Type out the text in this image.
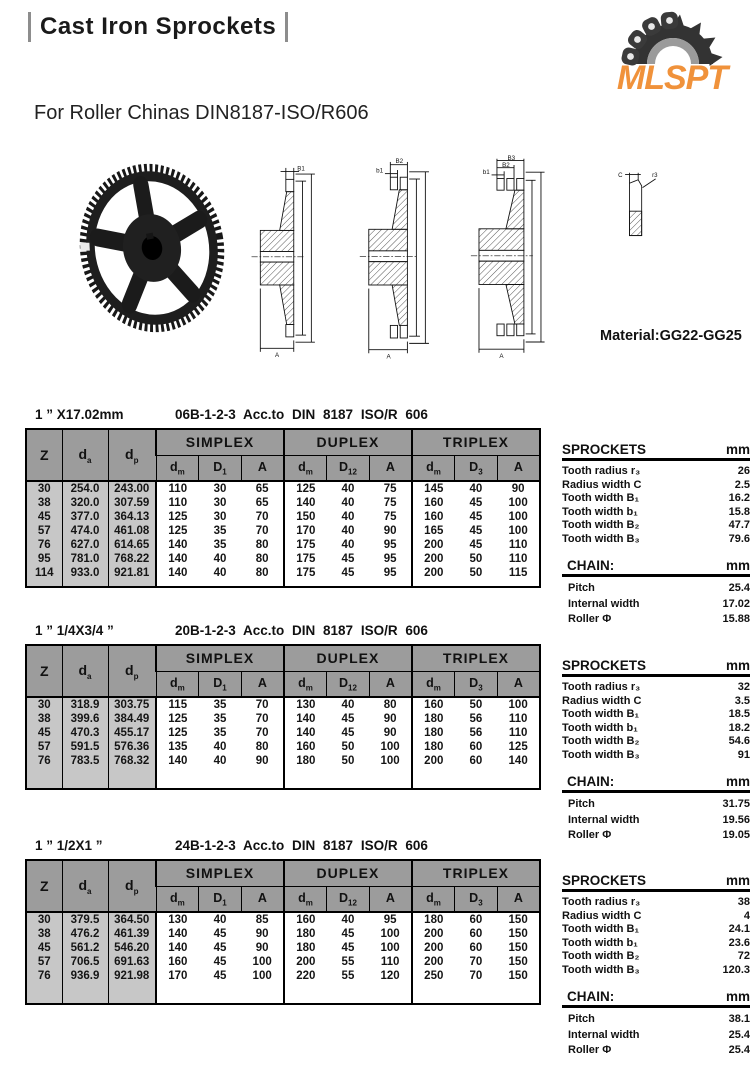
Cast Iron Sprockets
MLSPT
For Roller Chinas DIN8187-ISO/R606
B1
A
b1
B2
A
b1
B2
B3
A
C	r3
Material:GG22-GG25
1 ” X17.02mm	06B-1-2-3 Acc.to DIN 8187 ISO/R 606
Z	$d_a$	$d_p$	SIMPLEX			DUPLEX			TRIPLEX		
			$d_m$	$D_1$	A	$d_m$	$D_{12}$	A	$d_m$	$D_3$	A
30	254.0	243.00	110	30	65	125	40	75	145	40	90
38	320.0	307.59	110	30	65	140	40	75	160	45	100
45	377.0	364.13	125	30	70	150	40	75	160	45	100
57	474.0	461.08	125	35	70	170	40	90	165	45	100
76	627.0	614.65	140	35	80	175	40	95	200	45	110
95	781.0	768.22	140	40	80	175	45	95	200	50	110
114	933.0	921.81	140	40	80	175	45	95	200	50	115

SPROCKETS	mm
Tooth radius r₃	26
Radius width C	2.5
Tooth width B₁	16.2
Tooth width b₁	15.8
Tooth width B₂	47.7
Tooth width B₃	79.6
CHAIN:	mm
Pitch	25.4
Internal width	17.02
Roller Φ	15.88
1 ” 1/4X3/4 ”	20B-1-2-3 Acc.to DIN 8187 ISO/R 606
Z	$d_a$	$d_p$	SIMPLEX			DUPLEX			TRIPLEX		
			$d_m$	$D_1$	A	$d_m$	$D_{12}$	A	$d_m$	$D_3$	A
30	318.9	303.75	115	35	70	130	40	80	160	50	100
38	399.6	384.49	125	35	70	140	45	90	180	56	110
45	470.3	455.17	125	35	70	140	45	90	180	56	110
57	591.5	576.36	135	40	80	160	50	100	180	60	125
76	783.5	768.32	140	40	90	180	50	100	200	60	140

SPROCKETS	mm
Tooth radius r₃	32
Radius width C	3.5
Tooth width B₁	18.5
Tooth width b₁	18.2
Tooth width B₂	54.6
Tooth width B₃	91
CHAIN:	mm
Pitch	31.75
Internal width	19.56
Roller Φ	19.05
1 ” 1/2X1 ”	24B-1-2-3 Acc.to DIN 8187 ISO/R 606
Z	$d_a$	$d_p$	SIMPLEX			DUPLEX			TRIPLEX		
			$d_m$	$D_1$	A	$d_m$	$D_{12}$	A	$d_m$	$D_3$	A
30	379.5	364.50	130	40	85	160	40	95	180	60	150
38	476.2	461.39	140	45	90	180	45	100	200	60	150
45	561.2	546.20	140	45	90	180	45	100	200	60	150
57	706.5	691.63	160	45	100	200	55	110	200	70	150
76	936.9	921.98	170	45	100	220	55	120	250	70	150

SPROCKETS	mm
Tooth radius r₃	38
Radius width C	4
Tooth width B₁	24.1
Tooth width b₁	23.6
Tooth width B₂	72
Tooth width B₃	120.3
CHAIN:	mm
Pitch	38.1
Internal width	25.4
Roller Φ	25.4
